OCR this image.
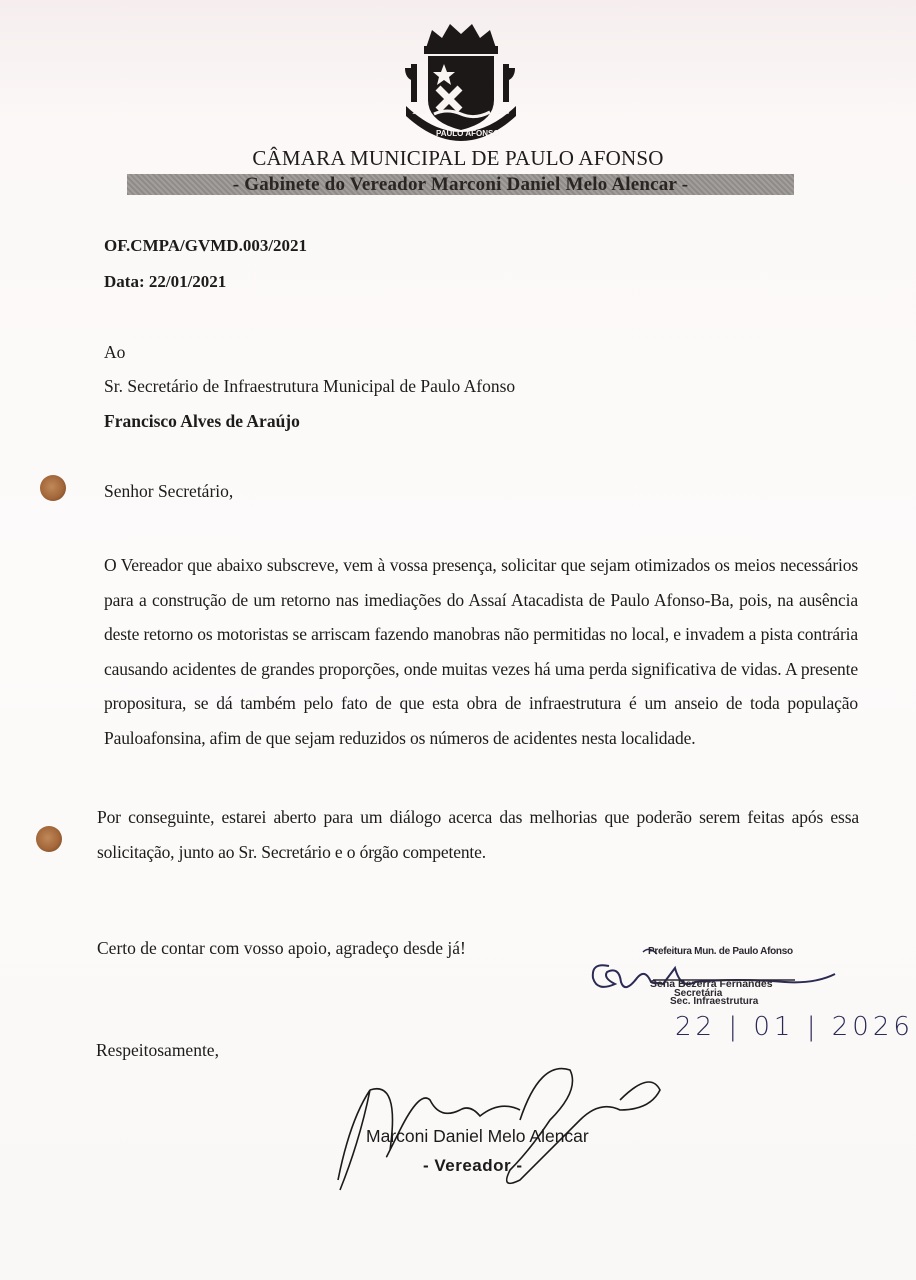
1725	1958
PAULO AFONSO
CÂMARA MUNICIPAL DE PAULO AFONSO
- Gabinete do Vereador Marconi Daniel Melo Alencar -
OF.CMPA/GVMD.003/2021
Data: 22/01/2021
Ao
Sr. Secretário de Infraestrutura Municipal de Paulo Afonso
Francisco Alves de Araújo
Senhor Secretário,
O Vereador que abaixo subscreve, vem à vossa presença, solicitar que sejam otimizados os meios necessários para a construção de um retorno nas imediações do Assaí Atacadista de Paulo Afonso-Ba, pois, na ausência deste retorno os motoristas se arriscam fazendo manobras não permitidas no local, e invadem a pista contrária causando acidentes de grandes proporções, onde muitas vezes há uma perda significativa de vidas. A presente propositura, se dá também pelo fato de que esta obra de infraestrutura é um anseio de toda população Pauloafonsina, afim de que sejam reduzidos os números de acidentes nesta localidade.
Por conseguinte, estarei aberto para um diálogo acerca das melhorias que poderão serem feitas após essa solicitação, junto ao Sr. Secretário e o órgão competente.
Certo de contar com vosso apoio, agradeço desde já!
Respeitosamente,
Prefeitura Mun. de Paulo Afonso
Sena Bezerra Fernandes
Secretária
Sec. Infraestrutura
22 | 01 | 2026
Marconi Daniel Melo Alencar
- Vereador -
